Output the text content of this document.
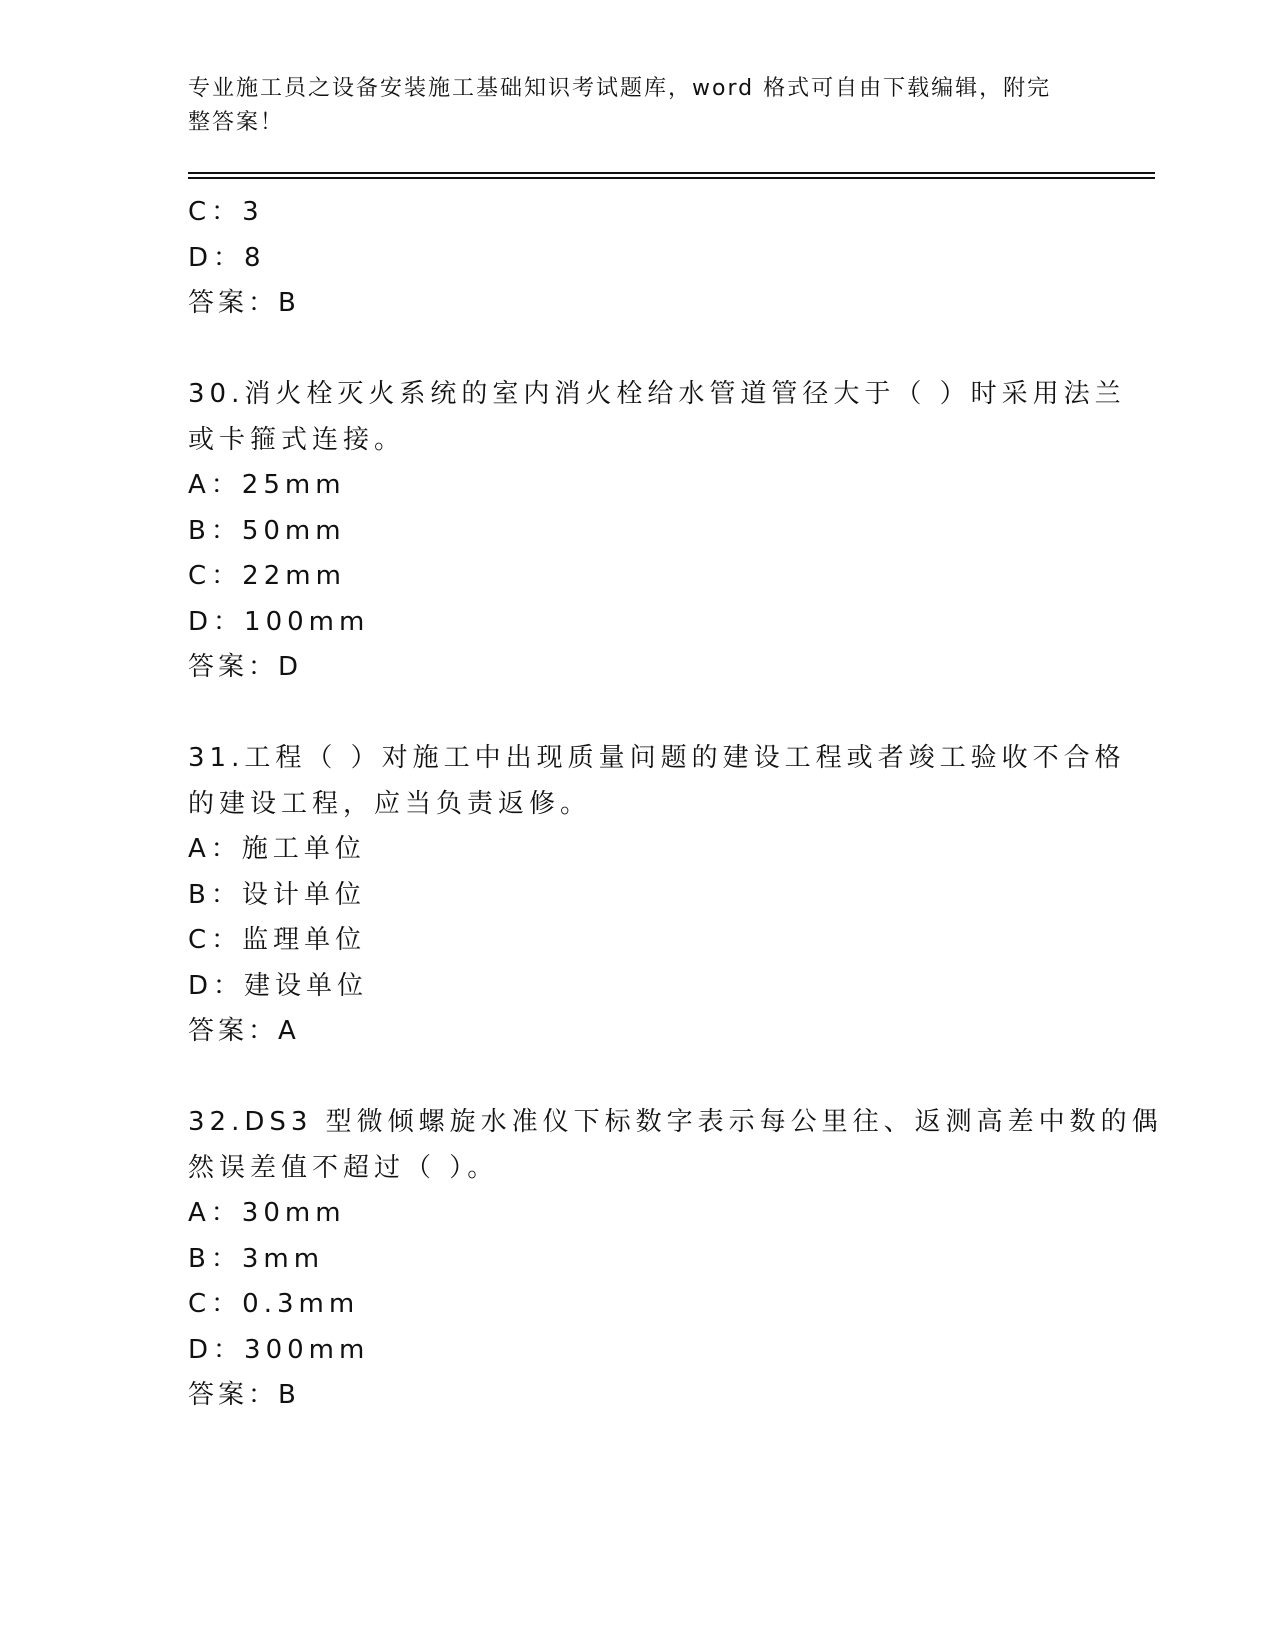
专业施工员之设备安装施工基础知识考试题库，word 格式可自由下载编辑，附完
整答案！
C：3
D：8
答案：B
30.消火栓灭火系统的室内消火栓给水管道管径大于（ ）时采用法兰
或卡箍式连接。
A：25mm
B：50mm
C：22mm
D：100mm
答案：D
31.工程（ ）对施工中出现质量问题的建设工程或者竣工验收不合格
的建设工程，应当负责返修。
A：施工单位
B：设计单位
C：监理单位
D：建设单位
答案：A
32.DS3 型微倾螺旋水准仪下标数字表示每公里往、返测高差中数的偶
然误差值不超过（ ）。
A：30mm
B：3mm
C：0.3mm
D：300mm
答案：B
